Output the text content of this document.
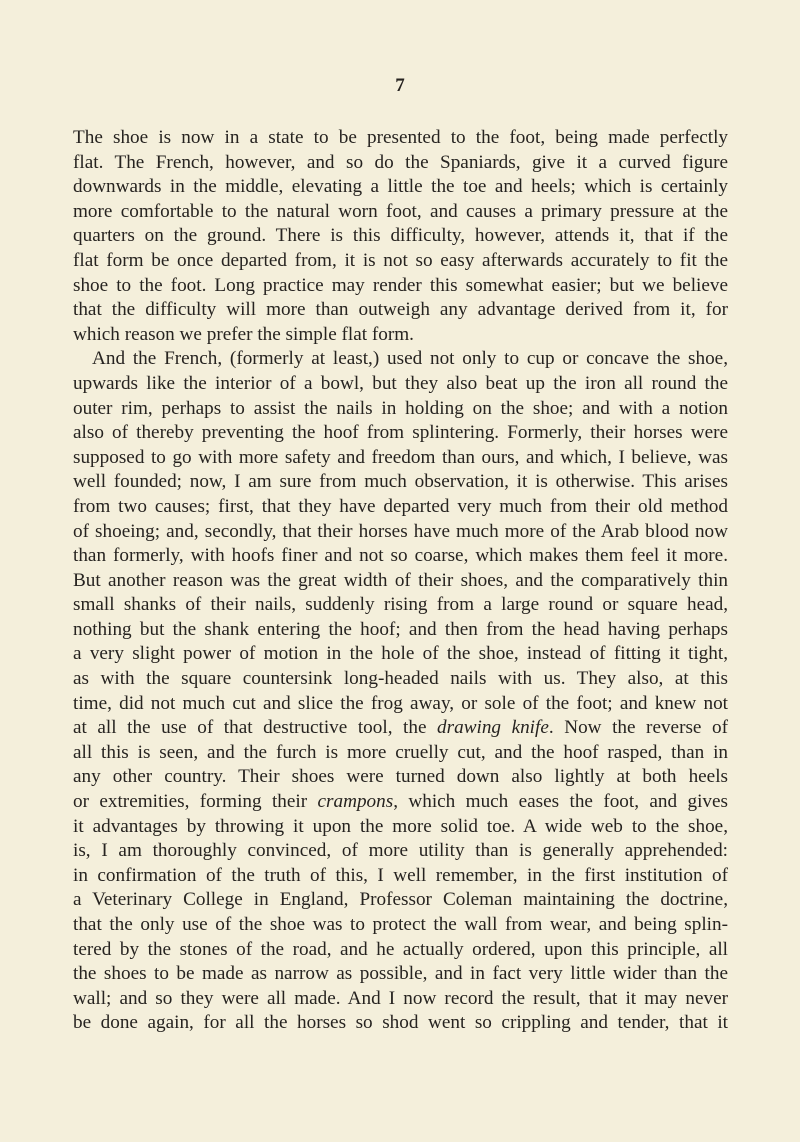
7
The shoe is now in a state to be presented to the foot, being made perfectly
flat. The French, however, and so do the Spaniards, give it a curved figure
downwards in the middle, elevating a little the toe and heels; which is certainly
more comfortable to the natural worn foot, and causes a primary pressure at the
quarters on the ground. There is this difficulty, however, attends it, that if the
flat form be once departed from, it is not so easy afterwards accurately to fit the
shoe to the foot. Long practice may render this somewhat easier; but we believe
that the difficulty will more than outweigh any advantage derived from it, for
which reason we prefer the simple flat form.
And the French, (formerly at least,) used not only to cup or concave the shoe,
upwards like the interior of a bowl, but they also beat up the iron all round the
outer rim, perhaps to assist the nails in holding on the shoe; and with a notion
also of thereby preventing the hoof from splintering. Formerly, their horses were
supposed to go with more safety and freedom than ours, and which, I believe, was
well founded; now, I am sure from much observation, it is otherwise. This arises
from two causes; first, that they have departed very much from their old method
of shoeing; and, secondly, that their horses have much more of the Arab blood now
than formerly, with hoofs finer and not so coarse, which makes them feel it more.
But another reason was the great width of their shoes, and the comparatively thin
small shanks of their nails, suddenly rising from a large round or square head,
nothing but the shank entering the hoof; and then from the head having perhaps
a very slight power of motion in the hole of the shoe, instead of fitting it tight,
as with the square countersink long-headed nails with us. They also, at this
time, did not much cut and slice the frog away, or sole of the foot; and knew not
at all the use of that destructive tool, the drawing knife. Now the reverse of
all this is seen, and the furch is more cruelly cut, and the hoof rasped, than in
any other country. Their shoes were turned down also lightly at both heels
or extremities, forming their crampons, which much eases the foot, and gives
it advantages by throwing it upon the more solid toe. A wide web to the shoe,
is, I am thoroughly convinced, of more utility than is generally apprehended:
in confirmation of the truth of this, I well remember, in the first institution of
a Veterinary College in England, Professor Coleman maintaining the doctrine,
that the only use of the shoe was to protect the wall from wear, and being splin-
tered by the stones of the road, and he actually ordered, upon this principle, all
the shoes to be made as narrow as possible, and in fact very little wider than the
wall; and so they were all made. And I now record the result, that it may never
be done again, for all the horses so shod went so crippling and tender, that it
